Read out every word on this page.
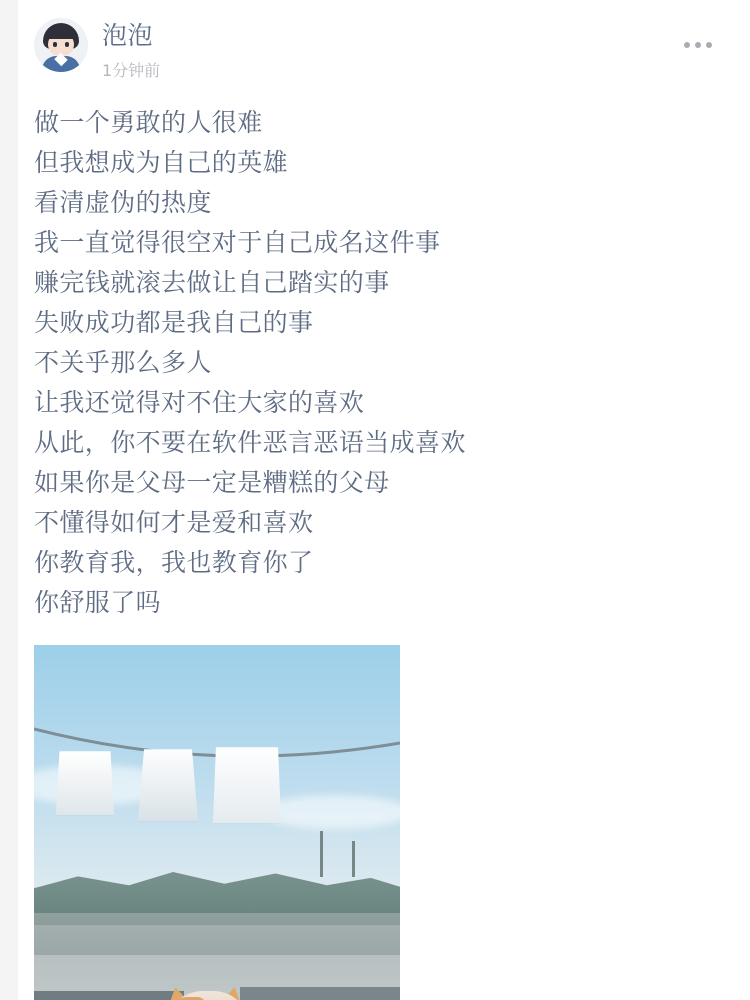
泡泡
1分钟前

做一个勇敢的人很难

但我想成为自己的英雄

看清虚伪的热度

我一直觉得很空对于自己成名这件事

赚完钱就滚去做让自己踏实的事

失败成功都是我自己的事

不关乎那么多人

让我还觉得对不住大家的喜欢

从此，你不要在软件恶言恶语当成喜欢

如果你是父母一定是糟糕的父母

不懂得如何才是爱和喜欢

你教育我，我也教育你了

你舒服了吗
